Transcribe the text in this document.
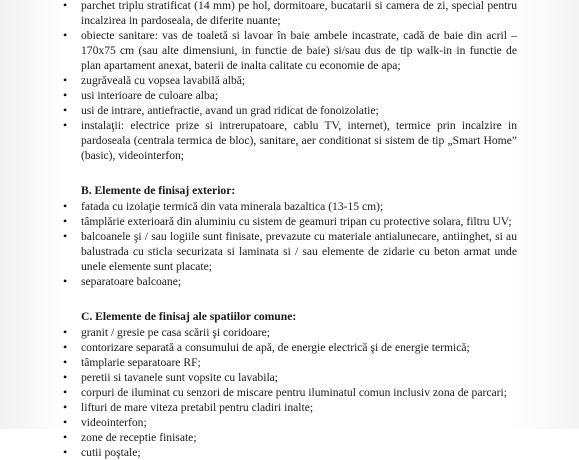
• parchet triplu stratificat (14 mm) pe hol, dormitoare, bucatarii si camera de zi, special pentru incalzirea in pardoseala, de diferite nuante;
• obiecte sanitare: vas de toaletă si lavoar în baie ambele incastrate, cadă de baie din acril – 170x75 cm (sau alte dimensiuni, in functie de baie) si/sau dus de tip walk-in in functie de plan apartament anexat, baterii de inalta calitate cu economie de apa;
• zugrăveală cu vopsea lavabilă albă;
• usi interioare de culoare alba;
• usi de intrare, antiefractie, avand un grad ridicat de fonoizolatie;
• instalaţii: electrice prize si intrerupatoare, cablu TV, internet), termice prin incalzire in pardoseala (centrala termica de bloc), sanitare, aer conditionat si sistem de tip „Smart Home” (basic), videointerfon;
B. Elemente de finisaj exterior:
• fatada cu izolaţie termică din vata minerala bazaltica (13-15 cm);
• tâmplărie exterioară din aluminiu cu sistem de geamuri tripan cu protective solara, filtru UV;
• balcoanele şi / sau logiile sunt finisate, prevazute cu materiale antialunecare, antiinghet, si au balustrada cu sticla securizata si laminata si / sau elemente de zidarie cu beton armat unde unele elemente sunt placate;
• separatoare balcoane;
C. Elemente de finisaj ale spatiilor comune:
• granit / gresie pe casa scării şi coridoare;
• contorizare separată a consumului de apă, de energie electrică şi de energie termică;
• tâmplarie separatoare RF;
• peretii si tavanele sunt vopsite cu lavabila;
• corpuri de iluminat cu senzori de miscare pentru iluminatul comun inclusiv zona de parcari;
• lifturi de mare viteza pretabil pentru cladiri inalte;
• videointerfon;
• zone de receptie finisate;
• cutii poştale;
